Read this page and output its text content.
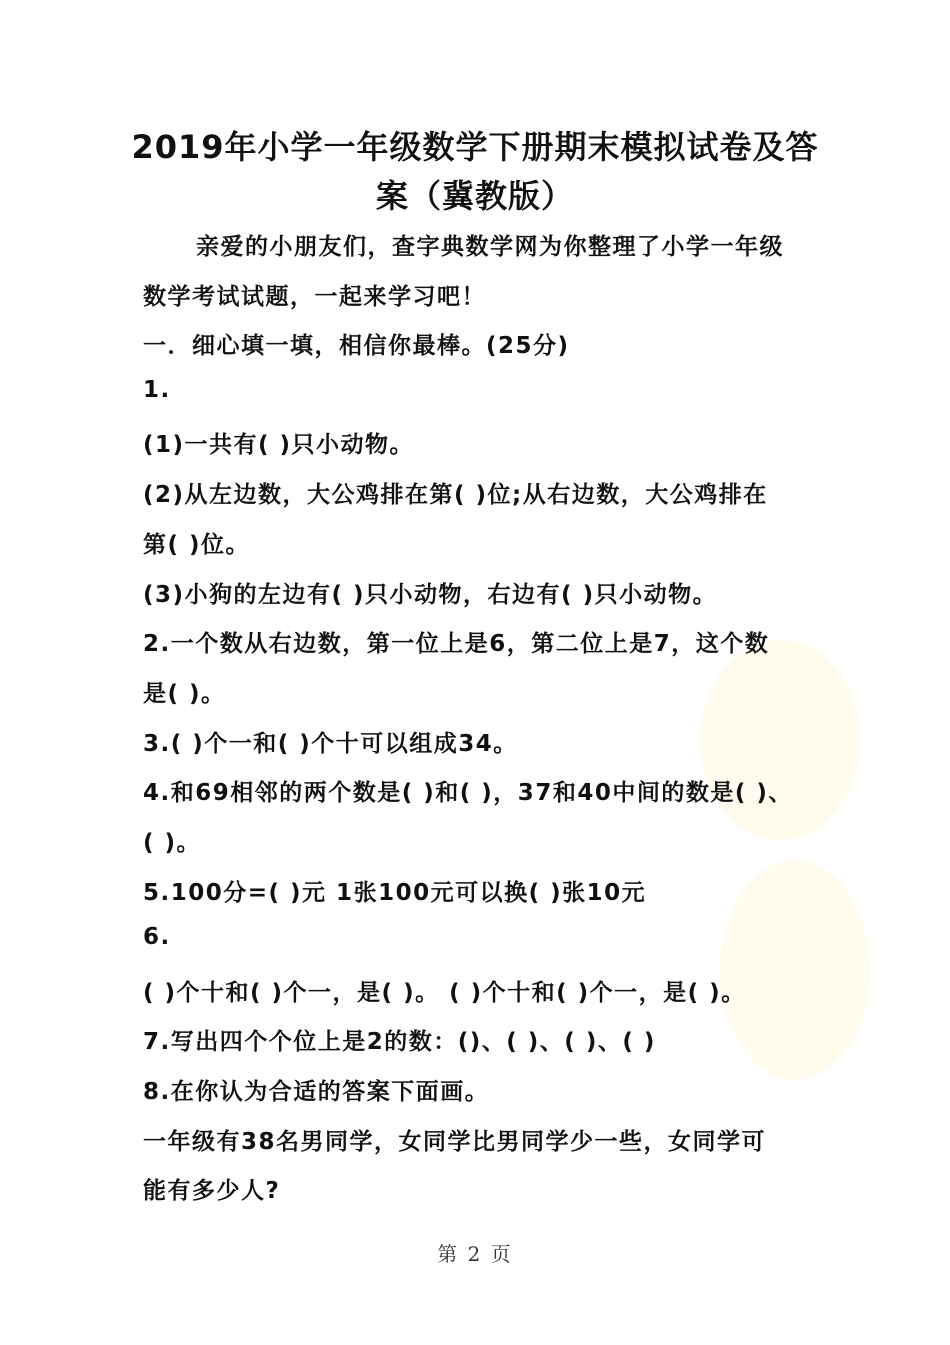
2019年小学一年级数学下册期末模拟试卷及答
案（冀教版）
亲爱的小朋友们，查字典数学网为你整理了小学一年级
数学考试试题，一起来学习吧！
一．细心填一填，相信你最棒。(25分)
1.
(1)一共有( )只小动物。
(2)从左边数，大公鸡排在第( )位;从右边数，大公鸡排在
第( )位。
(3)小狗的左边有( )只小动物，右边有( )只小动物。
2.一个数从右边数，第一位上是6，第二位上是7，这个数
是( )。
3.( )个一和( )个十可以组成34。
4.和69相邻的两个数是( )和( )，37和40中间的数是( )、
( )。
5.100分=( )元 1张100元可以换( )张10元
6.
( )个十和( )个一，是( )。 ( )个十和( )个一，是( )。
7.写出四个个位上是2的数：()、( )、( )、( )
8.在你认为合适的答案下面画。
一年级有38名男同学，女同学比男同学少一些，女同学可
能有多少人?
第 2 页
